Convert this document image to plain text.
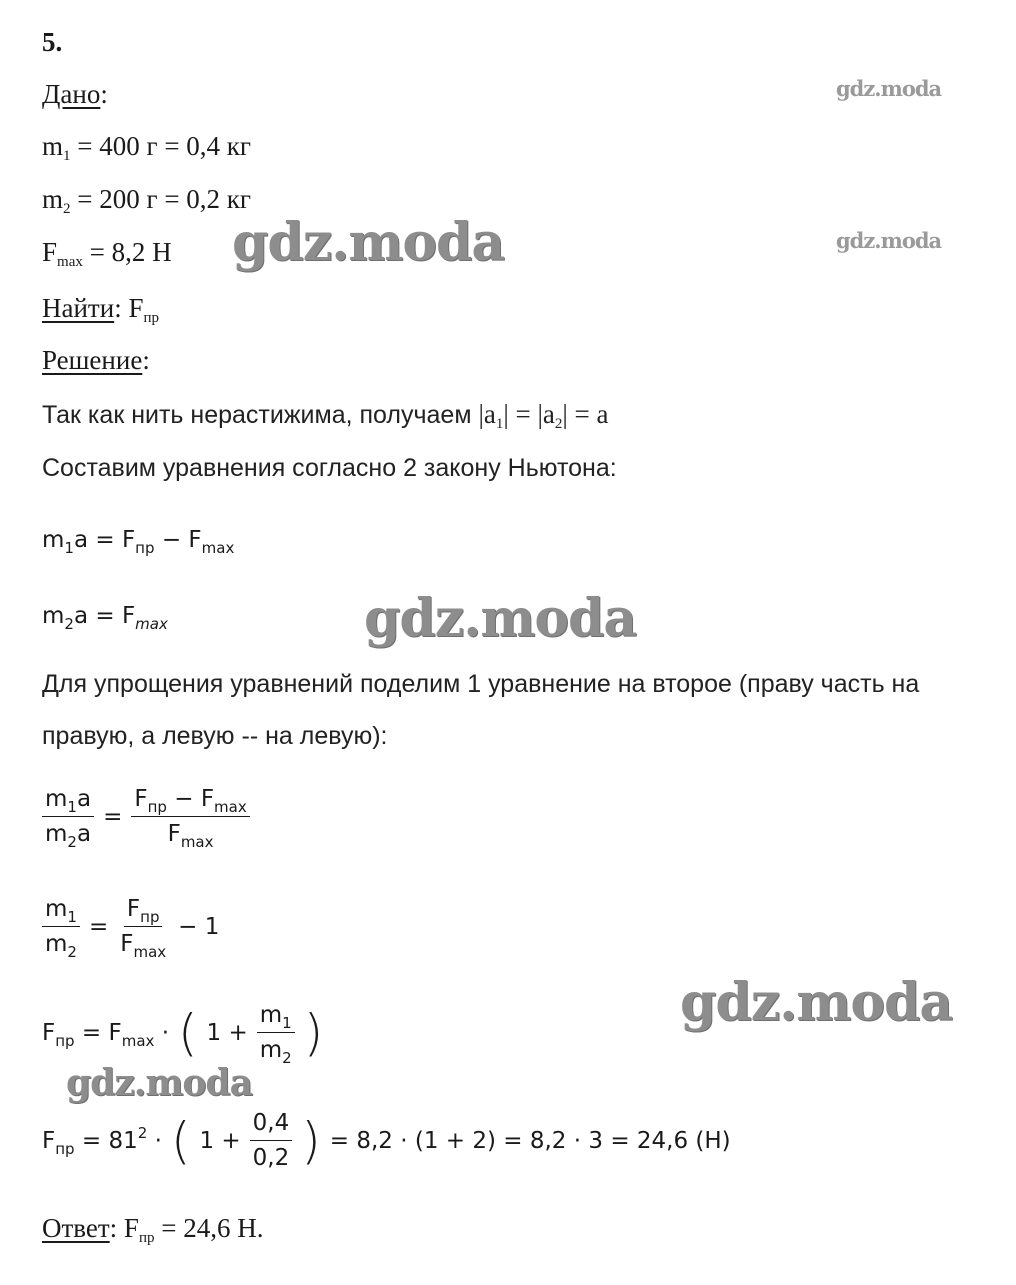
gdz.moda
gdz.moda
gdz.moda
gdz.moda
gdz.moda
gdz.moda
5.
Дано:
$m_1 = 400$ г = 0,4 кг
$m_2 = 200$ г = 0,2 кг
$F_{max} = 8,2$ Н
Найти: $F_{пр}$
Решение:
Так как нить нерастижима, получаем $|a_1| = |a_2| = a$
Составим уравнения согласно 2 закону Ньютона:
$m_1a = F_{пр} - F_{max}$
$m_2a = F_{max}$
Для упрощения уравнений поделим 1 уравнение на второе (праву часть на
правую, а левую -- на левую):
$\frac{m_1a}{m_2a} = \frac{F_{пр} - F_{max}}{F_{max}}$
$\frac{m_1}{m_2} = \frac{F_{пр}}{F_{max}} - 1$
$F_{пр} = F_{max}$ · ( $1 + \frac{m_1}{m_2}$ )
$F_{пр} = 81^2$ · ( $1 + \frac{0,4}{0,2}$ ) = 8,2 · (1 + 2) = 8,2 · 3 = 24,6 (Н)
Ответ: $F_{пр} = 24,6$ Н.
